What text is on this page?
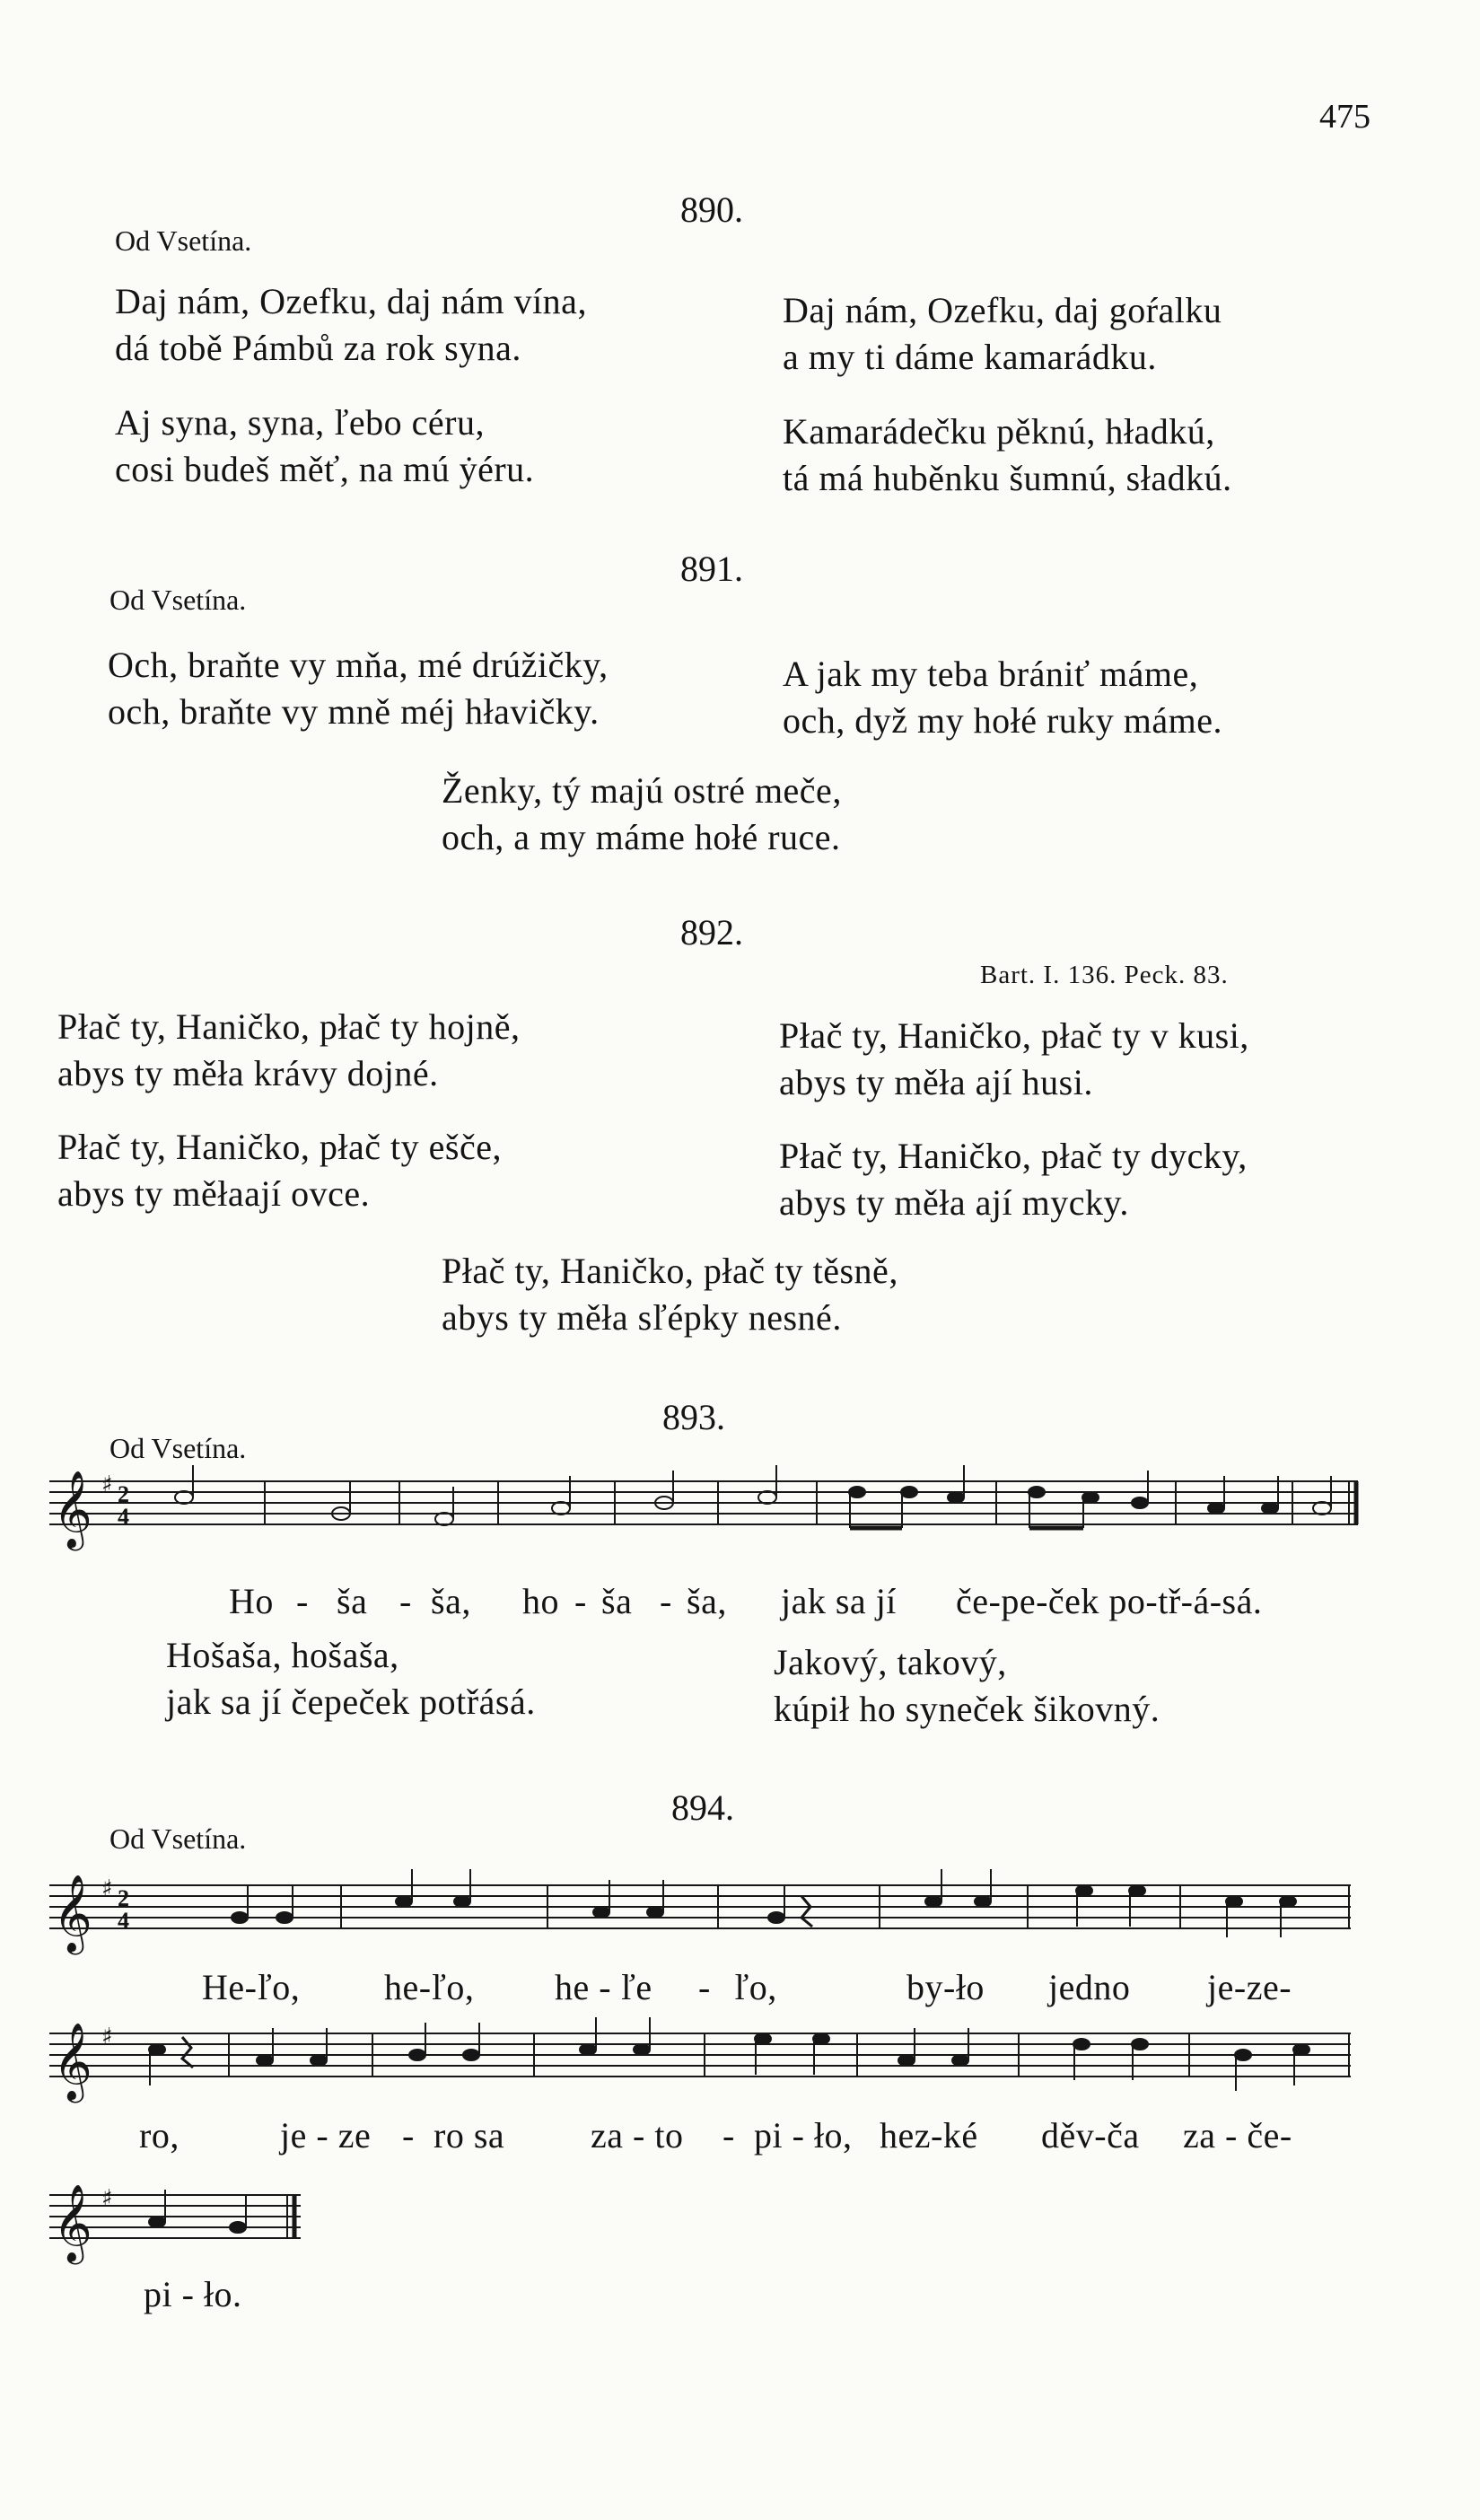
475
890.
Od Vsetína.
Daj nám, Ozefku, daj nám vína,
dá tobě Pámbů za rok syna.
Aj syna, syna, ľebo céru,
cosi budeš měť, na mú ẏéru.
Daj nám, Ozefku, daj goŕalku
a my ti dáme kamarádku.
Kamarádečku pěknú, hładkú,
tá má huběnku šumnú, sładkú.
891.
Od Vsetína.
Och, braňte vy mňa, mé drúžičky,
och, braňte vy mně méj hłavičky.
A jak my teba brániť máme,
och, dyž my hołé ruky máme.
Ženky, tý majú ostré meče,
och, a my máme hołé ruce.
892.
Bart. I. 136. Peck. 83.
Płač ty, Haničko, płač ty hojně,
abys ty měła krávy dojné.
Płač ty, Haničko, płač ty ešče,
abys ty měłaají ovce.
Płač ty, Haničko, płač ty v kusi,
abys ty měła ají husi.
Płač ty, Haničko, płač ty dycky,
abys ty měła ají mycky.
Płač ty, Haničko, płač ty těsně,
abys ty měła sľépky nesné.
893.
Od Vsetína.
𝄞 ♯ 2
4
Ho - ša - ša, ho - ša - ša, jak sa jí če-pe-ček po-tř-á-sá.
Hošaša, hošaša,
jak sa jí čepeček potřásá.
Jakový, takový,
kúpił ho syneček šikovný.
894.
Od Vsetína.
𝄞 ♯ 2
4
He-ľo, he-ľo, he - ľe - ľo,	by-ło jedno je-ze-
𝄞 ♯
ro,	je - ze - ro sa za - to - pi - ło, hez-ké děv-ča za - če-
𝄞 ♯
pi - ło.
